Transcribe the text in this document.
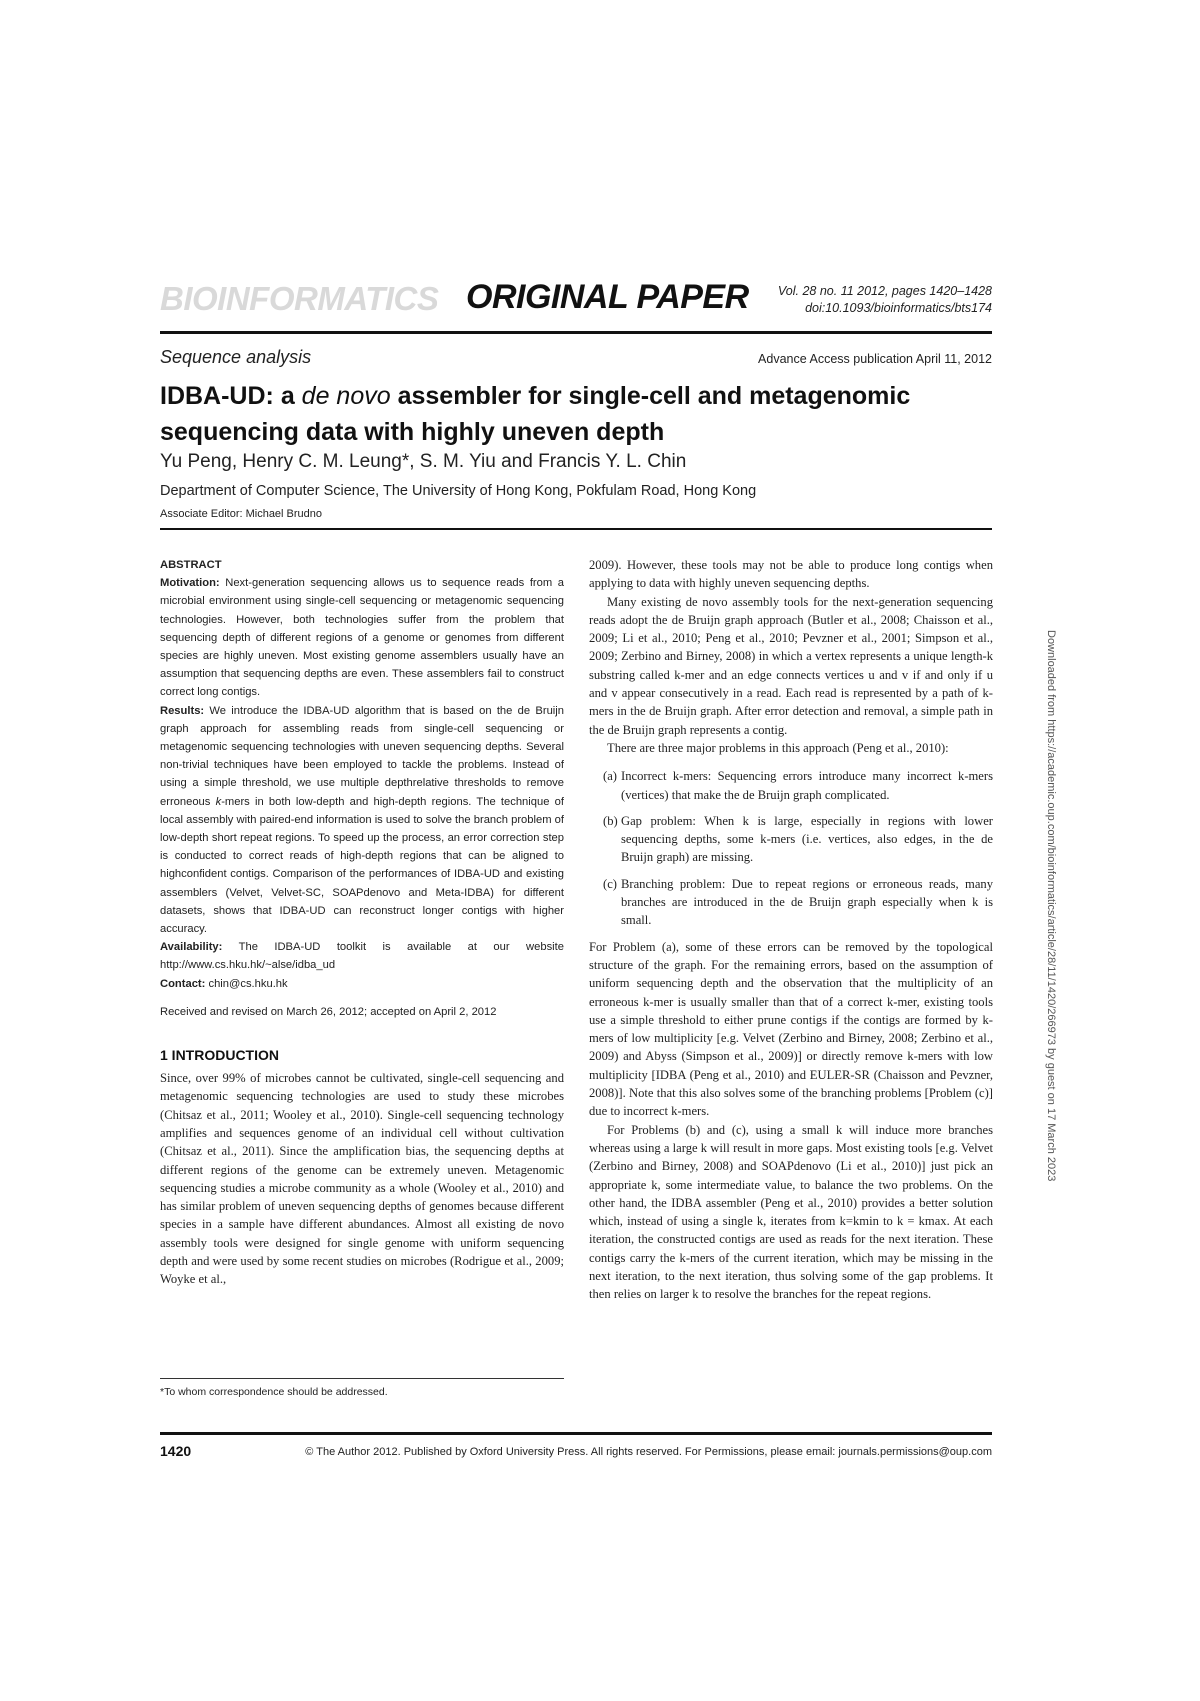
BIOINFORMATICS ORIGINAL PAPER Vol. 28 no. 11 2012, pages 1420–1428
doi:10.1093/bioinformatics/bts174
Sequence analysis	Advance Access publication April 11, 2012
IDBA-UD: a de novo assembler for single-cell and metagenomic
sequencing data with highly uneven depth
Yu Peng, Henry C. M. Leung*, S. M. Yiu and Francis Y. L. Chin
Department of Computer Science, The University of Hong Kong, Pokfulam Road, Hong Kong
Associate Editor: Michael Brudno
ABSTRACT

Motivation: Next-generation sequencing allows us to sequence reads from a microbial environment using single-cell sequencing or metagenomic sequencing technologies. However, both technologies suffer from the problem that sequencing depth of different regions of a genome or genomes from different species are highly uneven. Most existing genome assemblers usually have an assumption that sequencing depths are even. These assemblers fail to construct correct long contigs.

Results: We introduce the IDBA-UD algorithm that is based on the de Bruijn graph approach for assembling reads from single-cell sequencing or metagenomic sequencing technologies with uneven sequencing depths. Several non-trivial techniques have been employed to tackle the problems. Instead of using a simple threshold, we use multiple depthrelative thresholds to remove erroneous k-mers in both low-depth and high-depth regions. The technique of local assembly with paired-end information is used to solve the branch problem of low-depth short repeat regions. To speed up the process, an error correction step is conducted to correct reads of high-depth regions that can be aligned to highconfident contigs. Comparison of the performances of IDBA-UD and existing assemblers (Velvet, Velvet-SC, SOAPdenovo and Meta-IDBA) for different datasets, shows that IDBA-UD can reconstruct longer contigs with higher accuracy.

Availability: The IDBA-UD toolkit is available at our website http://www.cs.hku.hk/~alse/idba_ud

Contact: chin@cs.hku.hk

Received and revised on March 26, 2012; accepted on April 2, 2012

1 INTRODUCTION

Since, over 99% of microbes cannot be cultivated, single-cell sequencing and metagenomic sequencing technologies are used to study these microbes (Chitsaz et al., 2011; Wooley et al., 2010). Single-cell sequencing technology amplifies and sequences genome of an individual cell without cultivation (Chitsaz et al., 2011). Since the amplification bias, the sequencing depths at different regions of the genome can be extremely uneven. Metagenomic sequencing studies a microbe community as a whole (Wooley et al., 2010) and has similar problem of uneven sequencing depths of genomes because different species in a sample have different abundances. Almost all existing de novo assembly tools were designed for single genome with uniform sequencing depth and were used by some recent studies on microbes (Rodrigue et al., 2009; Woyke et al.,

*To whom correspondence should be addressed.

2009). However, these tools may not be able to produce long contigs when applying to data with highly uneven sequencing depths.

Many existing de novo assembly tools for the next-generation sequencing reads adopt the de Bruijn graph approach (Butler et al., 2008; Chaisson et al., 2009; Li et al., 2010; Peng et al., 2010; Pevzner et al., 2001; Simpson et al., 2009; Zerbino and Birney, 2008) in which a vertex represents a unique length-k substring called k-mer and an edge connects vertices u and v if and only if u and v appear consecutively in a read. Each read is represented by a path of k-mers in the de Bruijn graph. After error detection and removal, a simple path in the de Bruijn graph represents a contig.

There are three major problems in this approach (Peng et al., 2010):

(a) Incorrect k-mers: Sequencing errors introduce many incorrect k-mers (vertices) that make the de Bruijn graph complicated.
(b) Gap problem: When k is large, especially in regions with lower sequencing depths, some k-mers (i.e. vertices, also edges, in the de Bruijn graph) are missing.
(c) Branching problem: Due to repeat regions or erroneous reads, many branches are introduced in the de Bruijn graph especially when k is small.

For Problem (a), some of these errors can be removed by the topological structure of the graph. For the remaining errors, based on the assumption of uniform sequencing depth and the observation that the multiplicity of an erroneous k-mer is usually smaller than that of a correct k-mer, existing tools use a simple threshold to either prune contigs if the contigs are formed by k-mers of low multiplicity [e.g. Velvet (Zerbino and Birney, 2008; Zerbino et al., 2009) and Abyss (Simpson et al., 2009)] or directly remove k-mers with low multiplicity [IDBA (Peng et al., 2010) and EULER-SR (Chaisson and Pevzner, 2008)]. Note that this also solves some of the branching problems [Problem (c)] due to incorrect k-mers.

For Problems (b) and (c), using a small k will induce more branches whereas using a large k will result in more gaps. Most existing tools [e.g. Velvet (Zerbino and Birney, 2008) and SOAPdenovo (Li et al., 2010)] just pick an appropriate k, some intermediate value, to balance the two problems. On the other hand, the IDBA assembler (Peng et al., 2010) provides a better solution which, instead of using a single k, iterates from k=kmin to k = kmax. At each iteration, the constructed contigs are used as reads for the next iteration. These contigs carry the k-mers of the current iteration, which may be missing in the next iteration, to the next iteration, thus solving some of the gap problems. It then relies on larger k to resolve the branches for the repeat regions.

1420	© The Author 2012. Published by Oxford University Press. All rights reserved. For Permissions, please email: journals.permissions@oup.com
Downloaded from https://academic.oup.com/bioinformatics/article/28/11/1420/266973 by guest on 17 March 2023
